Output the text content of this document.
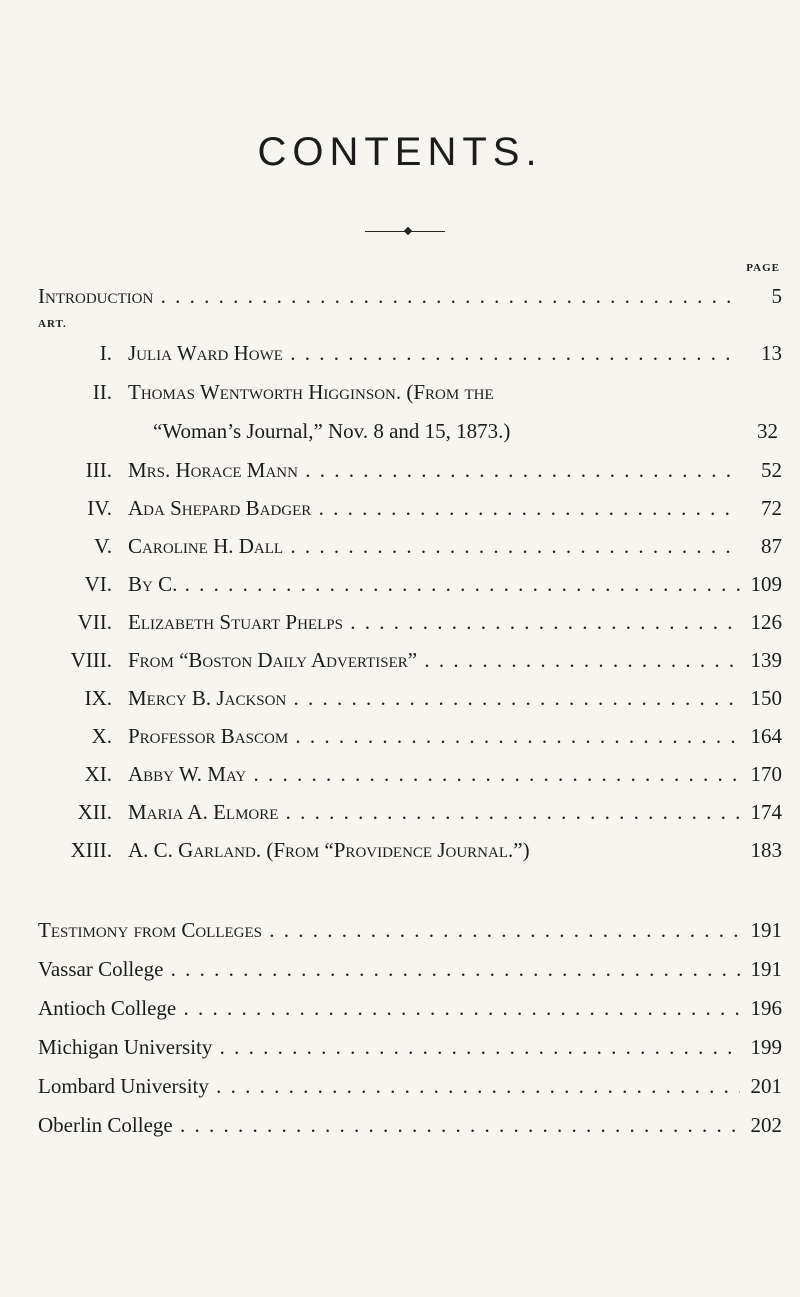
CONTENTS.
PAGE
Introduction . . .	5
ART.
I. Julia Ward Howe . . .	13
II. Thomas Wentworth Higginson. (From the
“Woman’s Journal,” Nov. 8 and 15, 1873.)	32
III. Mrs. Horace Mann . . .	52
IV. Ada Shepard Badger . . .	72
V. Caroline H. Dall . . .	87
VI. By C. . . .	109
VII. Elizabeth Stuart Phelps . . .	126
VIII. From “Boston Daily Advertiser” . . .	139
IX. Mercy B. Jackson . . .	150
X. Professor Bascom . . .	164
XI. Abby W. May . . .	170
XII. Maria A. Elmore . . .	174
XIII. A. C. Garland. (From “Providence Journal.”)	183
Testimony from Colleges . . .	191
Vassar College . . .	191
Antioch College . . .	196
Michigan University . . .	199
Lombard University . . .	201
Oberlin College . . .	202
